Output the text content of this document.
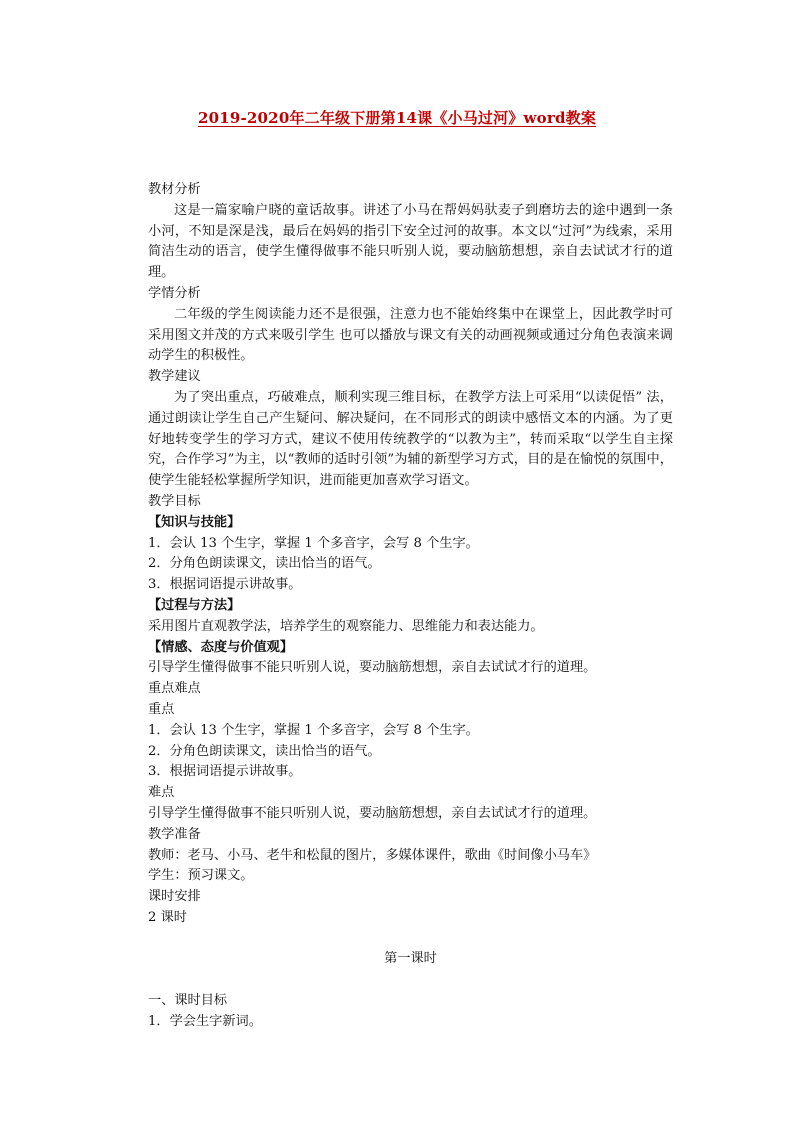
2019-2020年二年级下册第14课《小马过河》word教案

教材分析

这是一篇家喻户晓的童话故事。讲述了小马在帮妈妈驮麦子到磨坊去的途中遇到一条小河，不知是深是浅，最后在妈妈的指引下安全过河的故事。本文以“过河”为线索，采用简洁生动的语言，使学生懂得做事不能只听别人说，要动脑筋想想，亲自去试试才行的道理。

学情分析

二年级的学生阅读能力还不是很强，注意力也不能始终集中在课堂上，因此教学时可采用图文并茂的方式来吸引学生 也可以播放与课文有关的动画视频或通过分角色表演来调动学生的积极性。

教学建议

为了突出重点，巧破难点，顺利实现三维目标，在教学方法上可采用“以读促悟” 法，通过朗读让学生自己产生疑问、解决疑问，在不同形式的朗读中感悟文本的内涵。为了更好地转变学生的学习方式，建议不使用传统教学的“以教为主”，转而采取“以学生自主探究，合作学习”为主，以“教师的适时引领”为辅的新型学习方式，目的是在愉悦的氛围中，使学生能轻松掌握所学知识，进而能更加喜欢学习语文。

教学目标

【知识与技能】

1．会认 13 个生字，掌握 1 个多音字，会写 8 个生字。

2．分角色朗读课文，读出恰当的语气。

3．根据词语提示讲故事。

【过程与方法】

采用图片直观教学法，培养学生的观察能力、思维能力和表达能力。

【情感、态度与价值观】

引导学生懂得做事不能只听别人说，要动脑筋想想，亲自去试试才行的道理。

重点难点

重点

1．会认 13 个生字，掌握 1 个多音字，会写 8 个生字。

2．分角色朗读课文，读出恰当的语气。

3．根据词语提示讲故事。

难点

引导学生懂得做事不能只听别人说，要动脑筋想想，亲自去试试才行的道理。

教学准备

教师：老马、小马、老牛和松鼠的图片，多媒体课件，歌曲《时间像小马车》

学生：预习课文。

课时安排

2 课时

第一课时

一、课时目标

1．学会生字新词。
